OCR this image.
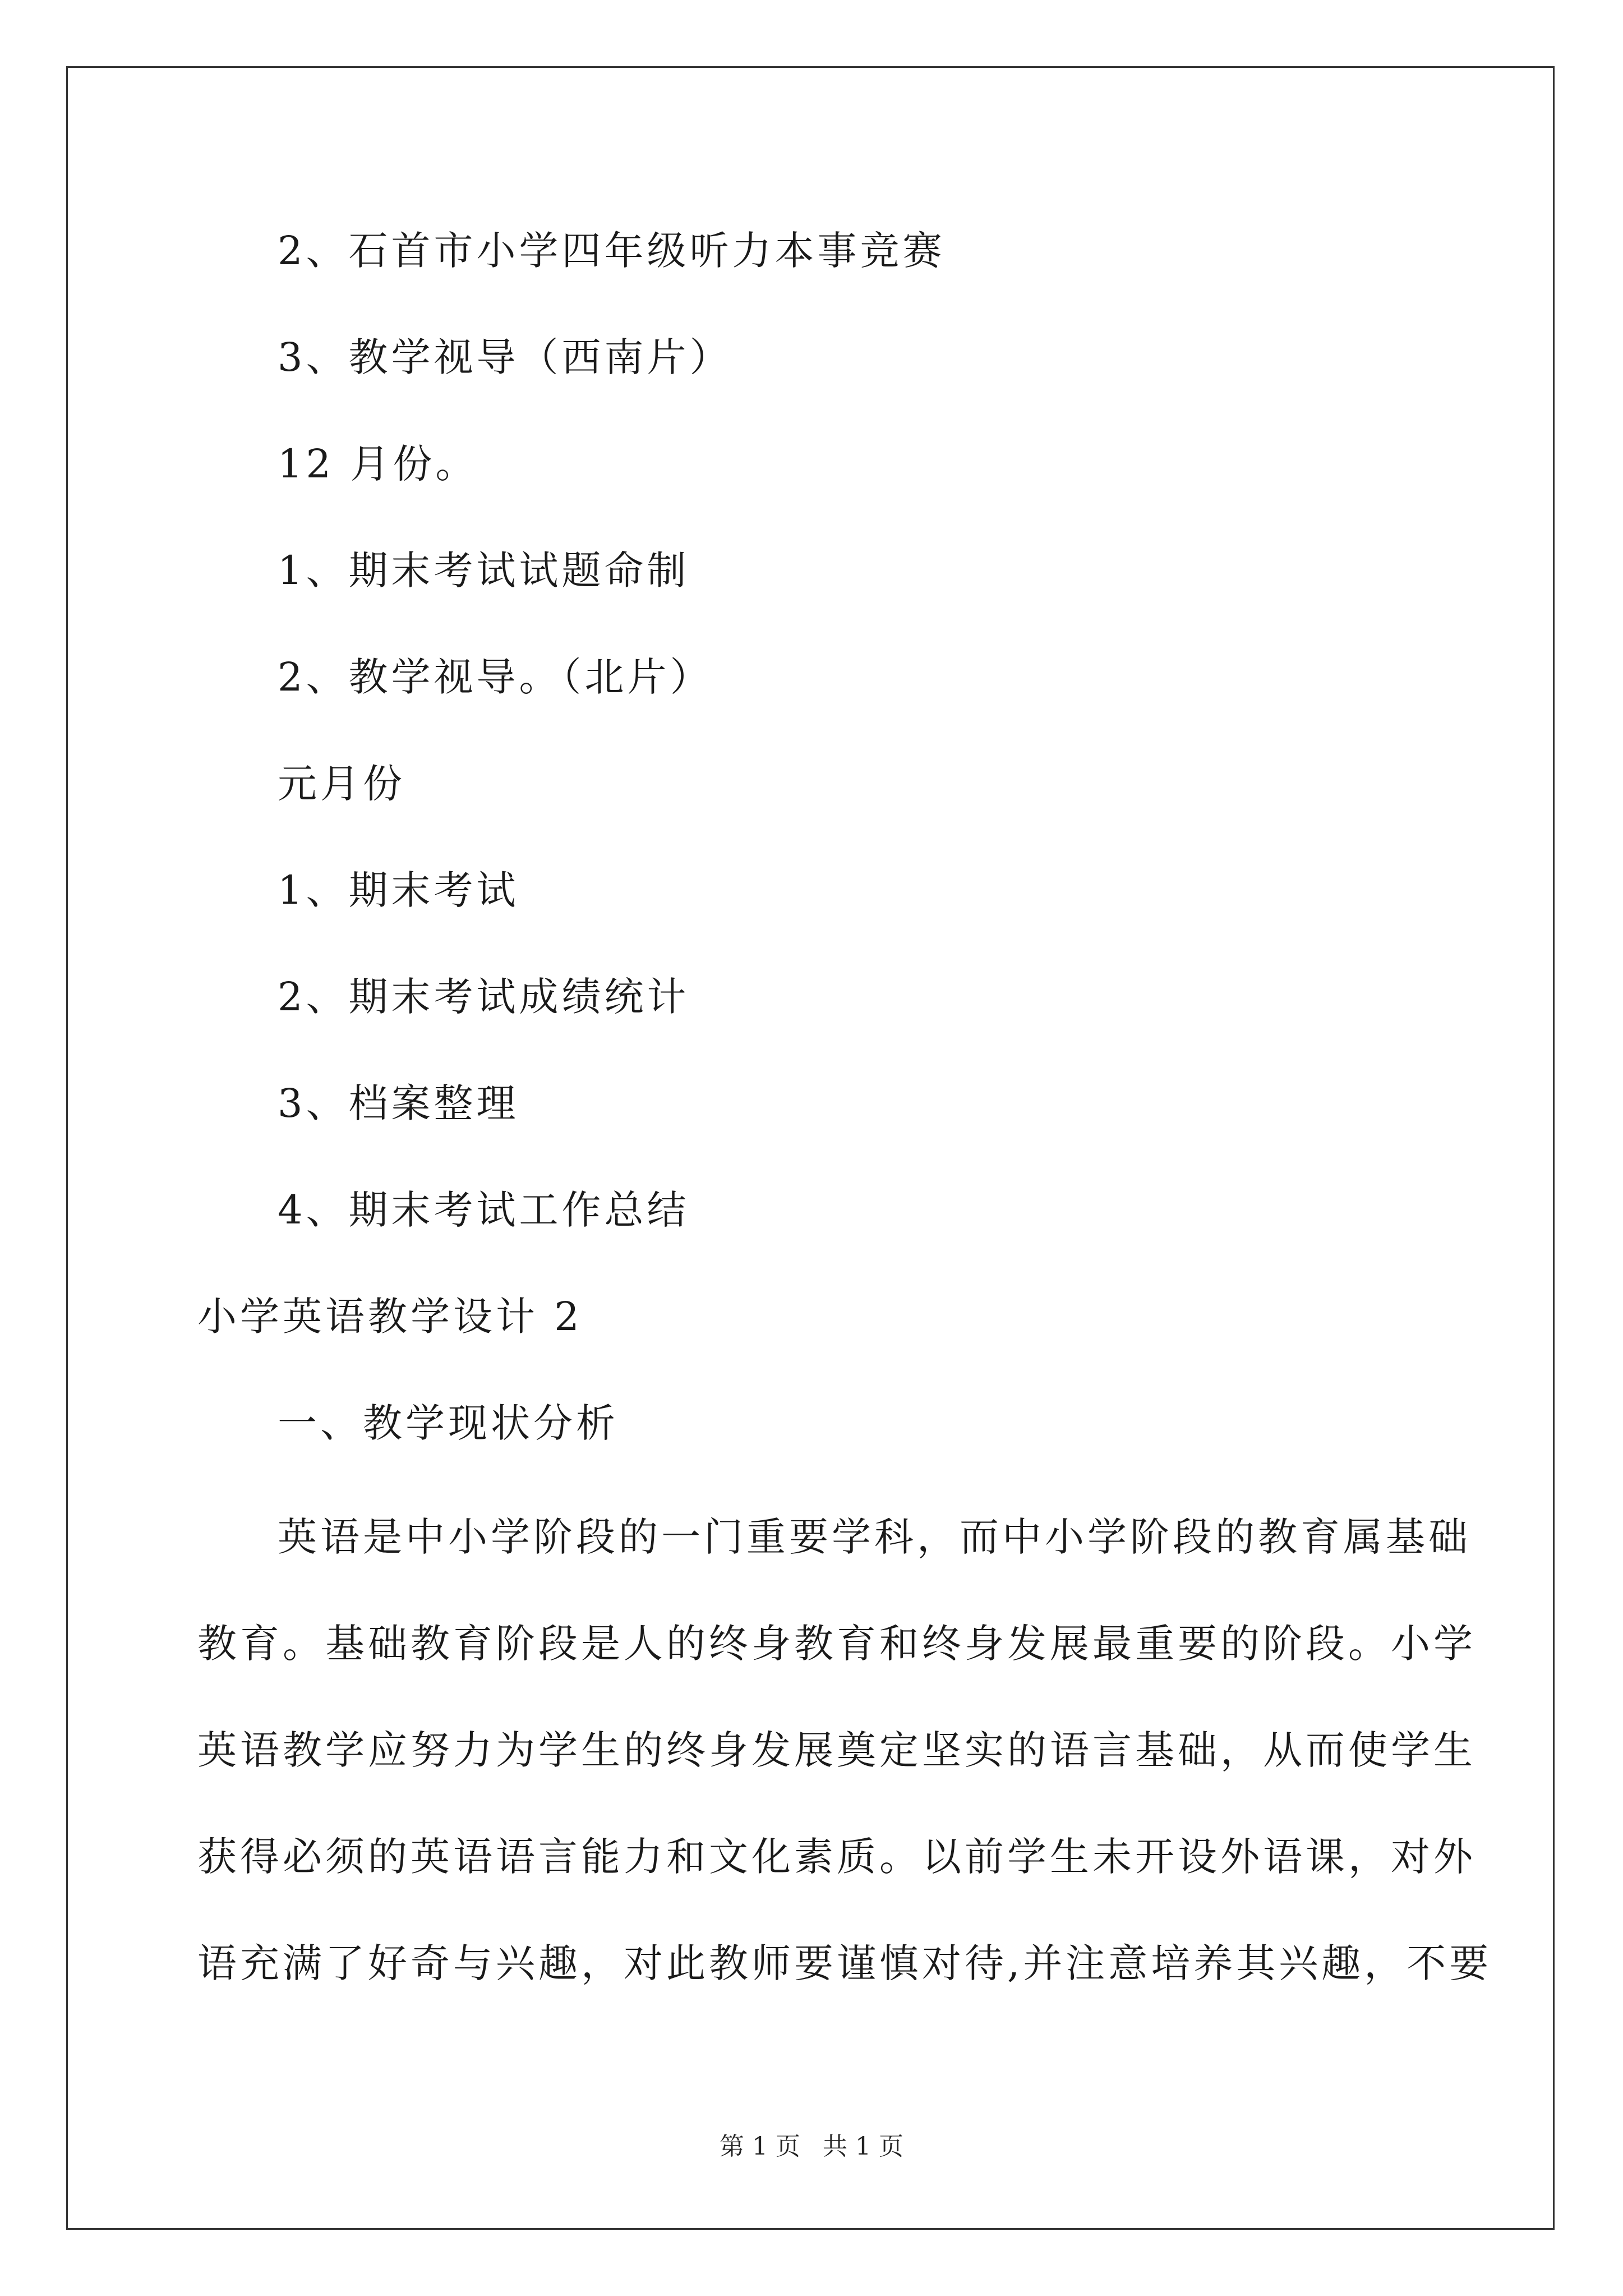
2、石首市小学四年级听力本事竞赛
3、教学视导（西南片）
12 月份。
1、期末考试试题命制
2、教学视导。（北片）
元月份
1、期末考试
2、期末考试成绩统计
3、档案整理
4、期末考试工作总结
小学英语教学设计 2
一、教学现状分析

英语是中小学阶段的一门重要学科，而中小学阶段的教育属基础

教育。基础教育阶段是人的终身教育和终身发展最重要的阶段。小学

英语教学应努力为学生的终身发展奠定坚实的语言基础，从而使学生

获得必须的英语语言能力和文化素质。以前学生未开设外语课，对外

语充满了好奇与兴趣，对此教师要谨慎对待,并注意培养其兴趣，不要

第 1 页 共 1 页
